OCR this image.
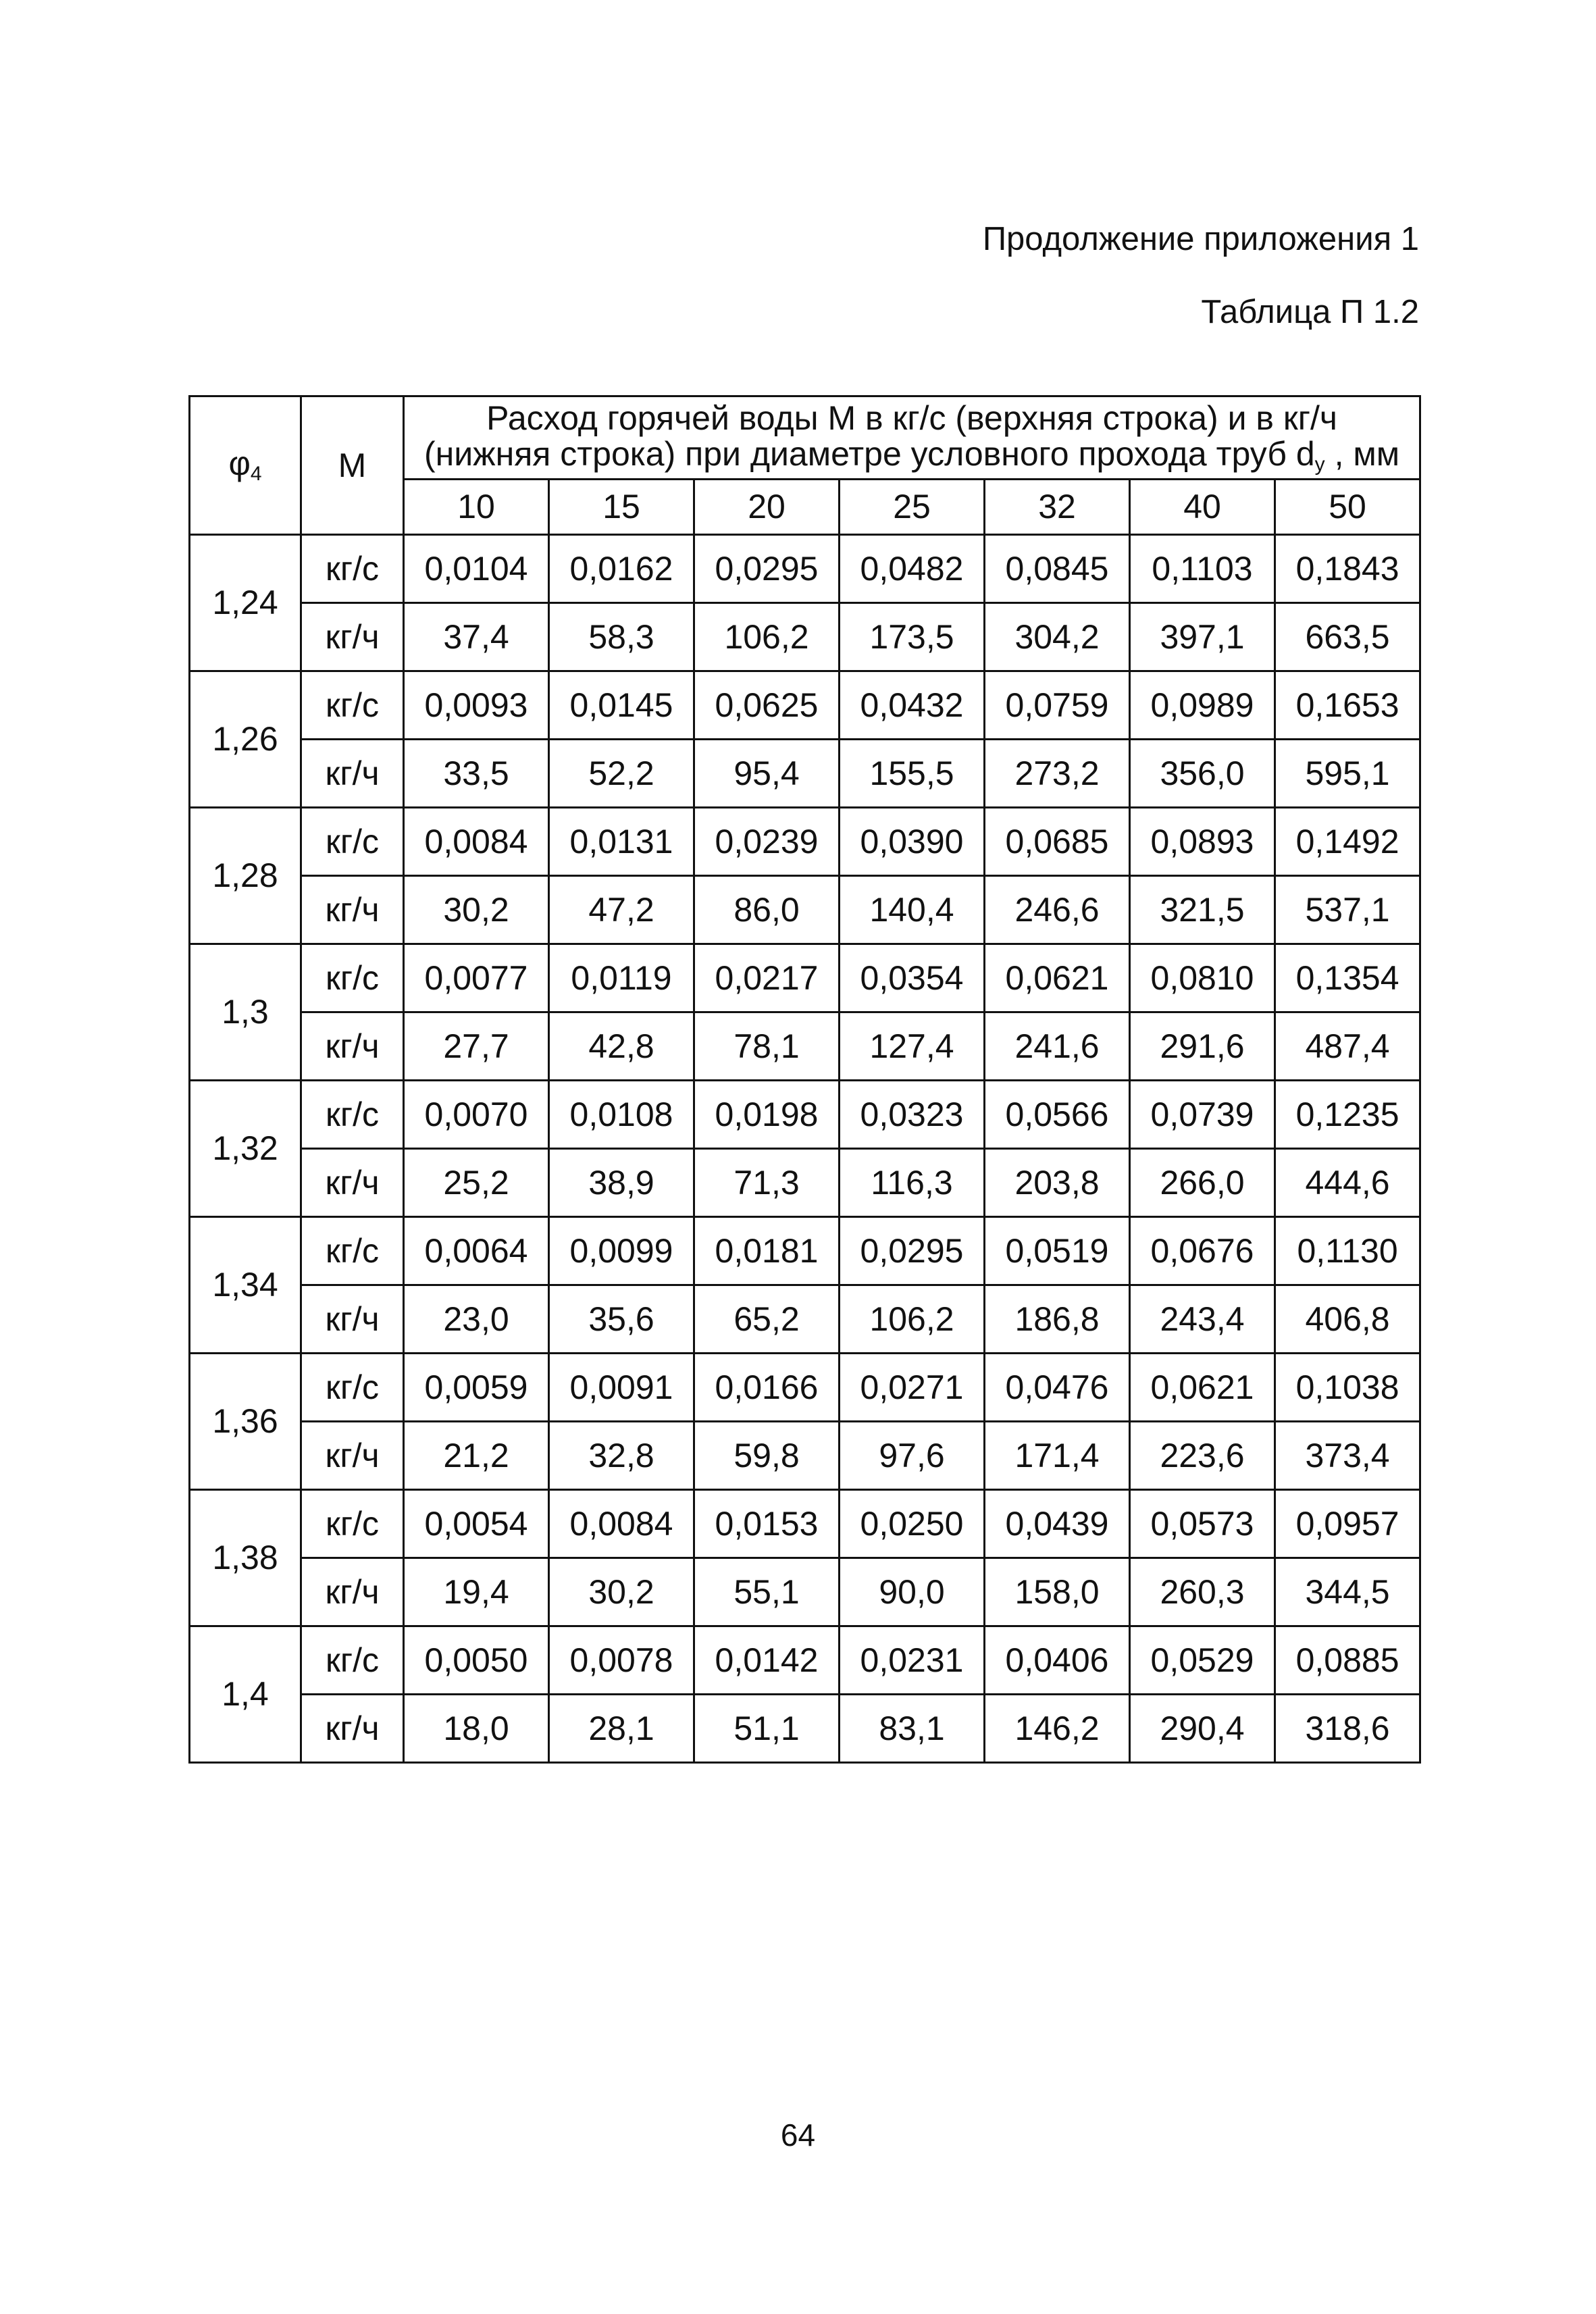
Продолжение приложения 1
Таблица П 1.2
$\varphi_4$	М	Расход горячей воды М в кг/с (верхняя строка) и в кг/ч
(нижняя строка) при диаметре условного прохода труб $d_у$ , мм						
		10	15	20	25	32	40	50
1,24	кг/с	0,0104	0,0162	0,0295	0,0482	0,0845	0,1103	0,1843
	кг/ч	37,4	58,3	106,2	173,5	304,2	397,1	663,5
1,26	кг/с	0,0093	0,0145	0,0625	0,0432	0,0759	0,0989	0,1653
	кг/ч	33,5	52,2	95,4	155,5	273,2	356,0	595,1
1,28	кг/с	0,0084	0,0131	0,0239	0,0390	0,0685	0,0893	0,1492
	кг/ч	30,2	47,2	86,0	140,4	246,6	321,5	537,1
1,3	кг/с	0,0077	0,0119	0,0217	0,0354	0,0621	0,0810	0,1354
	кг/ч	27,7	42,8	78,1	127,4	241,6	291,6	487,4
1,32	кг/с	0,0070	0,0108	0,0198	0,0323	0,0566	0,0739	0,1235
	кг/ч	25,2	38,9	71,3	116,3	203,8	266,0	444,6
1,34	кг/с	0,0064	0,0099	0,0181	0,0295	0,0519	0,0676	0,1130
	кг/ч	23,0	35,6	65,2	106,2	186,8	243,4	406,8
1,36	кг/с	0,0059	0,0091	0,0166	0,0271	0,0476	0,0621	0,1038
	кг/ч	21,2	32,8	59,8	97,6	171,4	223,6	373,4
1,38	кг/с	0,0054	0,0084	0,0153	0,0250	0,0439	0,0573	0,0957
	кг/ч	19,4	30,2	55,1	90,0	158,0	260,3	344,5
1,4	кг/с	0,0050	0,0078	0,0142	0,0231	0,0406	0,0529	0,0885
	кг/ч	18,0	28,1	51,1	83,1	146,2	290,4	318,6
64
